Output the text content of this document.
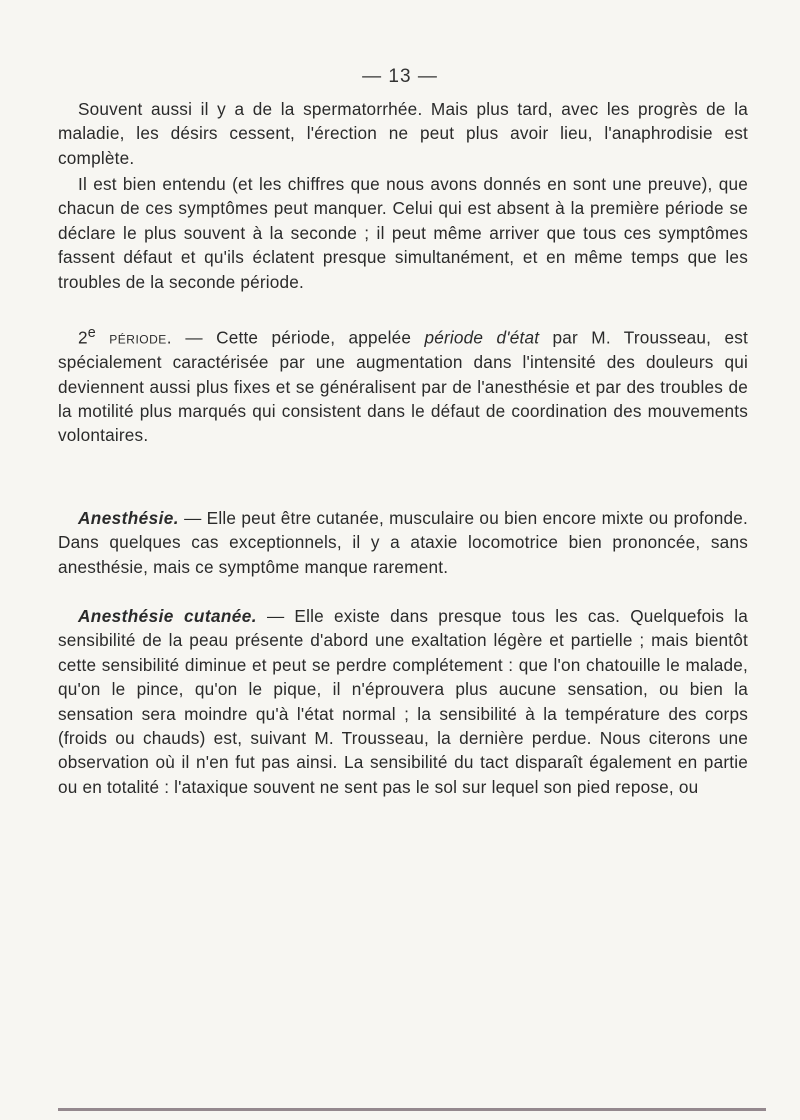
— 13 —

Souvent aussi il y a de la spermatorrhée. Mais plus tard, avec les progrès de la maladie, les désirs cessent, l'érection ne peut plus avoir lieu, l'anaphrodisie est complète.

Il est bien entendu (et les chiffres que nous avons donnés en sont une preuve), que chacun de ces symptômes peut manquer. Celui qui est absent à la première période se déclare le plus souvent à la seconde ; il peut même arriver que tous ces symptômes fassent défaut et qu'ils éclatent presque simultanément, et en même temps que les troubles de la seconde période.

2e période. — Cette période, appelée période d'état par M. Trousseau, est spécialement caractérisée par une augmentation dans l'intensité des douleurs qui deviennent aussi plus fixes et se généralisent par de l'anesthésie et par des troubles de la motilité plus marqués qui consistent dans le défaut de coordination des mouvements volontaires.

Anesthésie. — Elle peut être cutanée, musculaire ou bien encore mixte ou profonde. Dans quelques cas exceptionnels, il y a ataxie locomotrice bien prononcée, sans anesthésie, mais ce symptôme manque rarement.

Anesthésie cutanée. — Elle existe dans presque tous les cas. Quelquefois la sensibilité de la peau présente d'abord une exaltation légère et partielle ; mais bientôt cette sensibilité diminue et peut se perdre complétement : que l'on chatouille le malade, qu'on le pince, qu'on le pique, il n'éprouvera plus aucune sensation, ou bien la sensation sera moindre qu'à l'état normal ; la sensibilité à la température des corps (froids ou chauds) est, suivant M. Trousseau, la dernière perdue. Nous citerons une observation où il n'en fut pas ainsi. La sensibilité du tact disparaît également en partie ou en totalité : l'ataxique souvent ne sent pas le sol sur lequel son pied repose, ou
